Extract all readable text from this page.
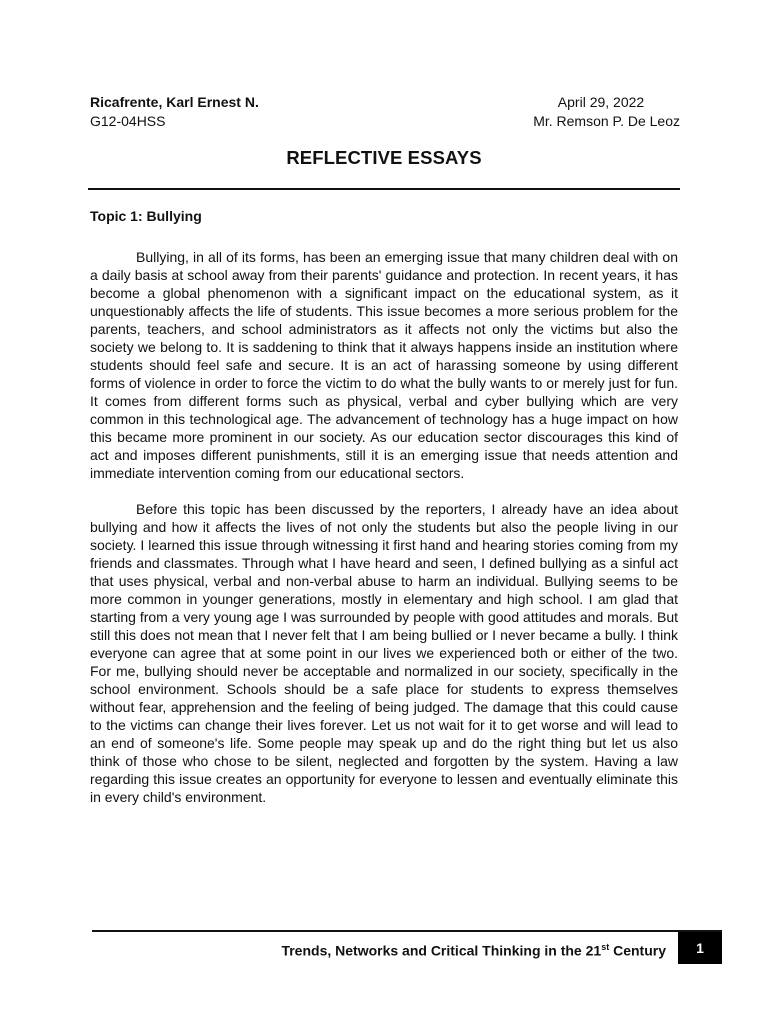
Ricafrente, Karl Ernest N.	April 29, 2022
G12-04HSS	Mr. Remson P. De Leoz
REFLECTIVE ESSAYS
Topic 1: Bullying

Bullying, in all of its forms, has been an emerging issue that many children deal with on a daily basis at school away from their parents' guidance and protection. In recent years, it has become a global phenomenon with a significant impact on the educational system, as it unquestionably affects the life of students. This issue becomes a more serious problem for the parents, teachers, and school administrators as it affects not only the victims but also the society we belong to. It is saddening to think that it always happens inside an institution where students should feel safe and secure. It is an act of harassing someone by using different forms of violence in order to force the victim to do what the bully wants to or merely just for fun. It comes from different forms such as physical, verbal and cyber bullying which are very common in this technological age. The advancement of technology has a huge impact on how this became more prominent in our society. As our education sector discourages this kind of act and imposes different punishments, still it is an emerging issue that needs attention and immediate intervention coming from our educational sectors.

Before this topic has been discussed by the reporters, I already have an idea about bullying and how it affects the lives of not only the students but also the people living in our society. I learned this issue through witnessing it first hand and hearing stories coming from my friends and classmates. Through what I have heard and seen, I defined bullying as a sinful act that uses physical, verbal and non-verbal abuse to harm an individual. Bullying seems to be more common in younger generations, mostly in elementary and high school. I am glad that starting from a very young age I was surrounded by people with good attitudes and morals. But still this does not mean that I never felt that I am being bullied or I never became a bully. I think everyone can agree that at some point in our lives we experienced both or either of the two. For me, bullying should never be acceptable and normalized in our society, specifically in the school environment. Schools should be a safe place for students to express themselves without fear, apprehension and the feeling of being judged. The damage that this could cause to the victims can change their lives forever. Let us not wait for it to get worse and will lead to an end of someone's life. Some people may speak up and do the right thing but let us also think of those who chose to be silent, neglected and forgotten by the system. Having a law regarding this issue creates an opportunity for everyone to lessen and eventually eliminate this in every child's environment.

Trends, Networks and Critical Thinking in the 21st Century	1
